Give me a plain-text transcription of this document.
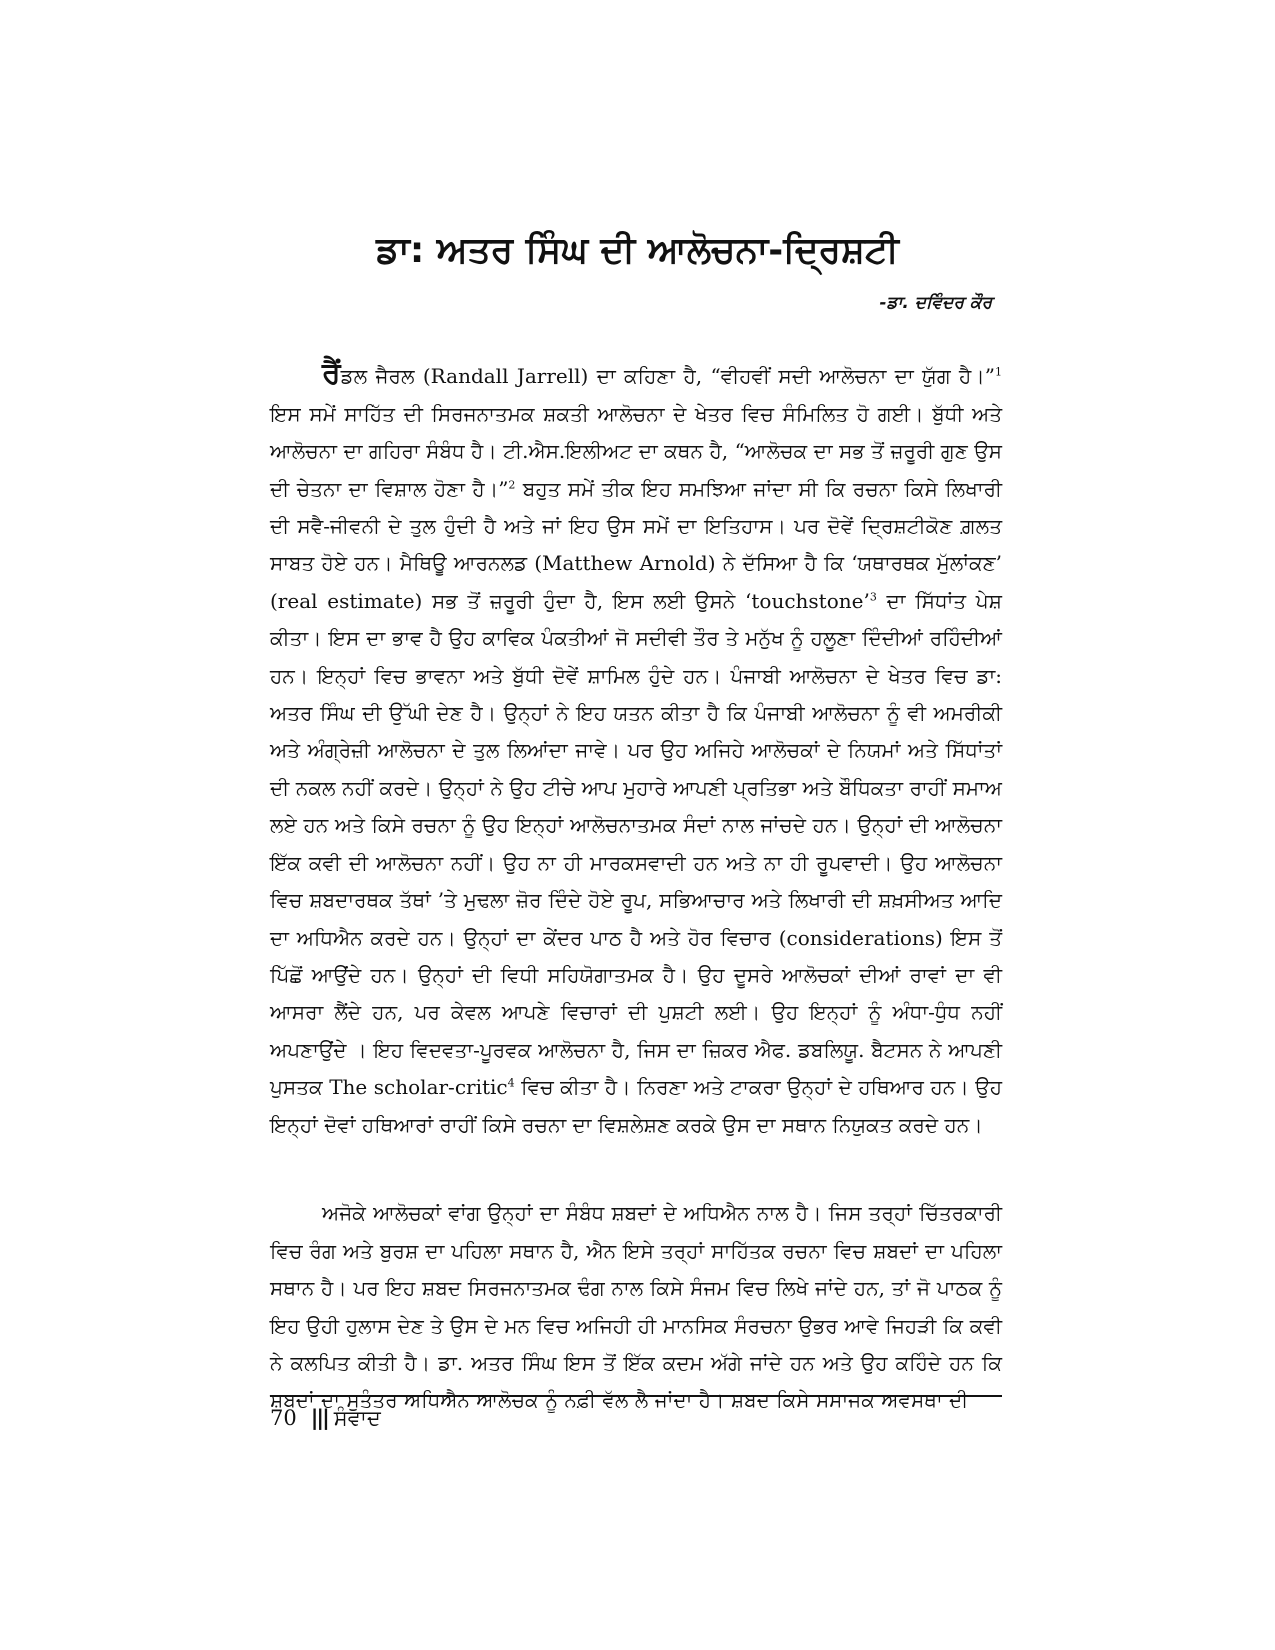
ਡਾ: ਅਤਰ ਸਿੰਘ ਦੀ ਆਲੋਚਨਾ-ਦ੍ਰਿਸ਼ਟੀ
-ਡਾ. ਦਵਿੰਦਰ ਕੌਰ

ਰੈਂਡਲ ਜੈਰਲ (Randall Jarrell) ਦਾ ਕਹਿਣਾ ਹੈ, “ਵੀਹਵੀਂ ਸਦੀ ਆਲੋਚਨਾ ਦਾ ਯੁੱਗ ਹੈ।”$^1$ ਇਸ ਸਮੇਂ ਸਾਹਿੱਤ ਦੀ ਸਿਰਜਨਾਤਮਕ ਸ਼ਕਤੀ ਆਲੋਚਨਾ ਦੇ ਖੇਤਰ ਵਿਚ ਸੰਮਿਲਿਤ ਹੋ ਗਈ। ਬੁੱਧੀ ਅਤੇ ਆਲੋਚਨਾ ਦਾ ਗਹਿਰਾ ਸੰਬੰਧ ਹੈ। ਟੀ.ਐਸ.ਇਲੀਅਟ ਦਾ ਕਥਨ ਹੈ, “ਆਲੋਚਕ ਦਾ ਸਭ ਤੋਂ ਜ਼ਰੂਰੀ ਗੁਣ ਉਸ ਦੀ ਚੇਤਨਾ ਦਾ ਵਿਸ਼ਾਲ ਹੋਣਾ ਹੈ।”$^2$ ਬਹੁਤ ਸਮੇਂ ਤੀਕ ਇਹ ਸਮਝਿਆ ਜਾਂਦਾ ਸੀ ਕਿ ਰਚਨਾ ਕਿਸੇ ਲਿਖਾਰੀ ਦੀ ਸਵੈ-ਜੀਵਨੀ ਦੇ ਤੁਲ ਹੁੰਦੀ ਹੈ ਅਤੇ ਜਾਂ ਇਹ ਉਸ ਸਮੇਂ ਦਾ ਇਤਿਹਾਸ। ਪਰ ਦੋਵੇਂ ਦ੍ਰਿਸ਼ਟੀਕੋਣ ਗ਼ਲਤ ਸਾਬਤ ਹੋਏ ਹਨ। ਮੈਥਿਊ ਆਰਨਲਡ (Matthew Arnold) ਨੇ ਦੱਸਿਆ ਹੈ ਕਿ ‘ਯਥਾਰਥਕ ਮੁੱਲਾਂਕਣ’ (real estimate) ਸਭ ਤੋਂ ਜ਼ਰੂਰੀ ਹੁੰਦਾ ਹੈ, ਇਸ ਲਈ ਉਸਨੇ ‘touchstone’$^3$ ਦਾ ਸਿੱਧਾਂਤ ਪੇਸ਼ ਕੀਤਾ। ਇਸ ਦਾ ਭਾਵ ਹੈ ਉਹ ਕਾਵਿਕ ਪੰਕਤੀਆਂ ਜੋ ਸਦੀਵੀ ਤੌਰ ਤੇ ਮਨੁੱਖ ਨੂੰ ਹਲੂਣਾ ਦਿੰਦੀਆਂ ਰਹਿੰਦੀਆਂ ਹਨ। ਇਨ੍ਹਾਂ ਵਿਚ ਭਾਵਨਾ ਅਤੇ ਬੁੱਧੀ ਦੋਵੇਂ ਸ਼ਾਮਿਲ ਹੁੰਦੇ ਹਨ। ਪੰਜਾਬੀ ਆਲੋਚਨਾ ਦੇ ਖੇਤਰ ਵਿਚ ਡਾ: ਅਤਰ ਸਿੰਘ ਦੀ ਉੱਘੀ ਦੇਣ ਹੈ। ਉਨ੍ਹਾਂ ਨੇ ਇਹ ਯਤਨ ਕੀਤਾ ਹੈ ਕਿ ਪੰਜਾਬੀ ਆਲੋਚਨਾ ਨੂੰ ਵੀ ਅਮਰੀਕੀ ਅਤੇ ਅੰਗ੍ਰੇਜ਼ੀ ਆਲੋਚਨਾ ਦੇ ਤੁਲ ਲਿਆਂਦਾ ਜਾਵੇ। ਪਰ ਉਹ ਅਜਿਹੇ ਆਲੋਚਕਾਂ ਦੇ ਨਿਯਮਾਂ ਅਤੇ ਸਿੱਧਾਂਤਾਂ ਦੀ ਨਕਲ ਨਹੀਂ ਕਰਦੇ। ਉਨ੍ਹਾਂ ਨੇ ਉਹ ਟੀਚੇ ਆਪ ਮੁਹਾਰੇ ਆਪਣੀ ਪ੍ਰਤਿਭਾ ਅਤੇ ਬੌਧਿਕਤਾ ਰਾਹੀਂ ਸਮਾਅ ਲਏ ਹਨ ਅਤੇ ਕਿਸੇ ਰਚਨਾ ਨੂੰ ਉਹ ਇਨ੍ਹਾਂ ਆਲੋਚਨਾਤਮਕ ਸੰਦਾਂ ਨਾਲ ਜਾਂਚਦੇ ਹਨ। ਉਨ੍ਹਾਂ ਦੀ ਆਲੋਚਨਾ ਇੱਕ ਕਵੀ ਦੀ ਆਲੋਚਨਾ ਨਹੀਂ। ਉਹ ਨਾ ਹੀ ਮਾਰਕਸਵਾਦੀ ਹਨ ਅਤੇ ਨਾ ਹੀ ਰੂਪਵਾਦੀ। ਉਹ ਆਲੋਚਨਾ ਵਿਚ ਸ਼ਬਦਾਰਥਕ ਤੱਥਾਂ ’ਤੇ ਮੁਢਲਾ ਜ਼ੋਰ ਦਿੰਦੇ ਹੋਏ ਰੂਪ, ਸਭਿਆਚਾਰ ਅਤੇ ਲਿਖਾਰੀ ਦੀ ਸ਼ਖ਼ਸੀਅਤ ਆਦਿ ਦਾ ਅਧਿਐਨ ਕਰਦੇ ਹਨ। ਉਨ੍ਹਾਂ ਦਾ ਕੇਂਦਰ ਪਾਠ ਹੈ ਅਤੇ ਹੋਰ ਵਿਚਾਰ (considerations) ਇਸ ਤੋਂ ਪਿੱਛੋਂ ਆਉਂਦੇ ਹਨ। ਉਨ੍ਹਾਂ ਦੀ ਵਿਧੀ ਸਹਿਯੋਗਾਤਮਕ ਹੈ। ਉਹ ਦੂਸਰੇ ਆਲੋਚਕਾਂ ਦੀਆਂ ਰਾਵਾਂ ਦਾ ਵੀ ਆਸਰਾ ਲੈਂਦੇ ਹਨ, ਪਰ ਕੇਵਲ ਆਪਣੇ ਵਿਚਾਰਾਂ ਦੀ ਪੁਸ਼ਟੀ ਲਈ। ਉਹ ਇਨ੍ਹਾਂ ਨੂੰ ਅੰਧਾ-ਧੁੰਧ ਨਹੀਂ ਅਪਣਾਉਂਦੇ । ਇਹ ਵਿਦਵਤਾ-ਪੂਰਵਕ ਆਲੋਚਨਾ ਹੈ, ਜਿਸ ਦਾ ਜ਼ਿਕਰ ਐਫ. ਡਬਲਿਯੂ. ਬੈਟਸਨ ਨੇ ਆਪਣੀ ਪੁਸਤਕ The scholar-critic$^4$ ਵਿਚ ਕੀਤਾ ਹੈ। ਨਿਰਣਾ ਅਤੇ ਟਾਕਰਾ ਉਨ੍ਹਾਂ ਦੇ ਹਥਿਆਰ ਹਨ। ਉਹ ਇਨ੍ਹਾਂ ਦੋਵਾਂ ਹਥਿਆਰਾਂ ਰਾਹੀਂ ਕਿਸੇ ਰਚਨਾ ਦਾ ਵਿਸ਼ਲੇਸ਼ਣ ਕਰਕੇ ਉਸ ਦਾ ਸਥਾਨ ਨਿਯੁਕਤ ਕਰਦੇ ਹਨ।

ਅਜੋਕੇ ਆਲੋਚਕਾਂ ਵਾਂਗ ਉਨ੍ਹਾਂ ਦਾ ਸੰਬੰਧ ਸ਼ਬਦਾਂ ਦੇ ਅਧਿਐਨ ਨਾਲ ਹੈ। ਜਿਸ ਤਰ੍ਹਾਂ ਚਿੱਤਰਕਾਰੀ ਵਿਚ ਰੰਗ ਅਤੇ ਬੁਰਸ਼ ਦਾ ਪਹਿਲਾ ਸਥਾਨ ਹੈ, ਐਨ ਇਸੇ ਤਰ੍ਹਾਂ ਸਾਹਿੱਤਕ ਰਚਨਾ ਵਿਚ ਸ਼ਬਦਾਂ ਦਾ ਪਹਿਲਾ ਸਥਾਨ ਹੈ। ਪਰ ਇਹ ਸ਼ਬਦ ਸਿਰਜਨਾਤਮਕ ਢੰਗ ਨਾਲ ਕਿਸੇ ਸੰਜਮ ਵਿਚ ਲਿਖੇ ਜਾਂਦੇ ਹਨ, ਤਾਂ ਜੋ ਪਾਠਕ ਨੂੰ ਇਹ ਉਹੀ ਹੁਲਾਸ ਦੇਣ ਤੇ ਉਸ ਦੇ ਮਨ ਵਿਚ ਅਜਿਹੀ ਹੀ ਮਾਨਸਿਕ ਸੰਰਚਨਾ ਉਭਰ ਆਵੇ ਜਿਹੜੀ ਕਿ ਕਵੀ ਨੇ ਕਲਪਿਤ ਕੀਤੀ ਹੈ। ਡਾ. ਅਤਰ ਸਿੰਘ ਇਸ ਤੋਂ ਇੱਕ ਕਦਮ ਅੱਗੇ ਜਾਂਦੇ ਹਨ ਅਤੇ ਉਹ ਕਹਿੰਦੇ ਹਨ ਕਿ ਸ਼ਬਦਾਂ ਦਾ ਸੁਤੰਤਰ ਅਧਿਐਨ ਆਲੋਚਕ ਨੂੰ ਨਫ਼ੀ ਵੱਲ ਲੈ ਜਾਂਦਾ ਹੈ। ਸ਼ਬਦ ਕਿਸੇ ਸਮਾਜਕ ਅਵਸਥਾ ਦੀ

70 ||| ਸੰਵਾਦ
